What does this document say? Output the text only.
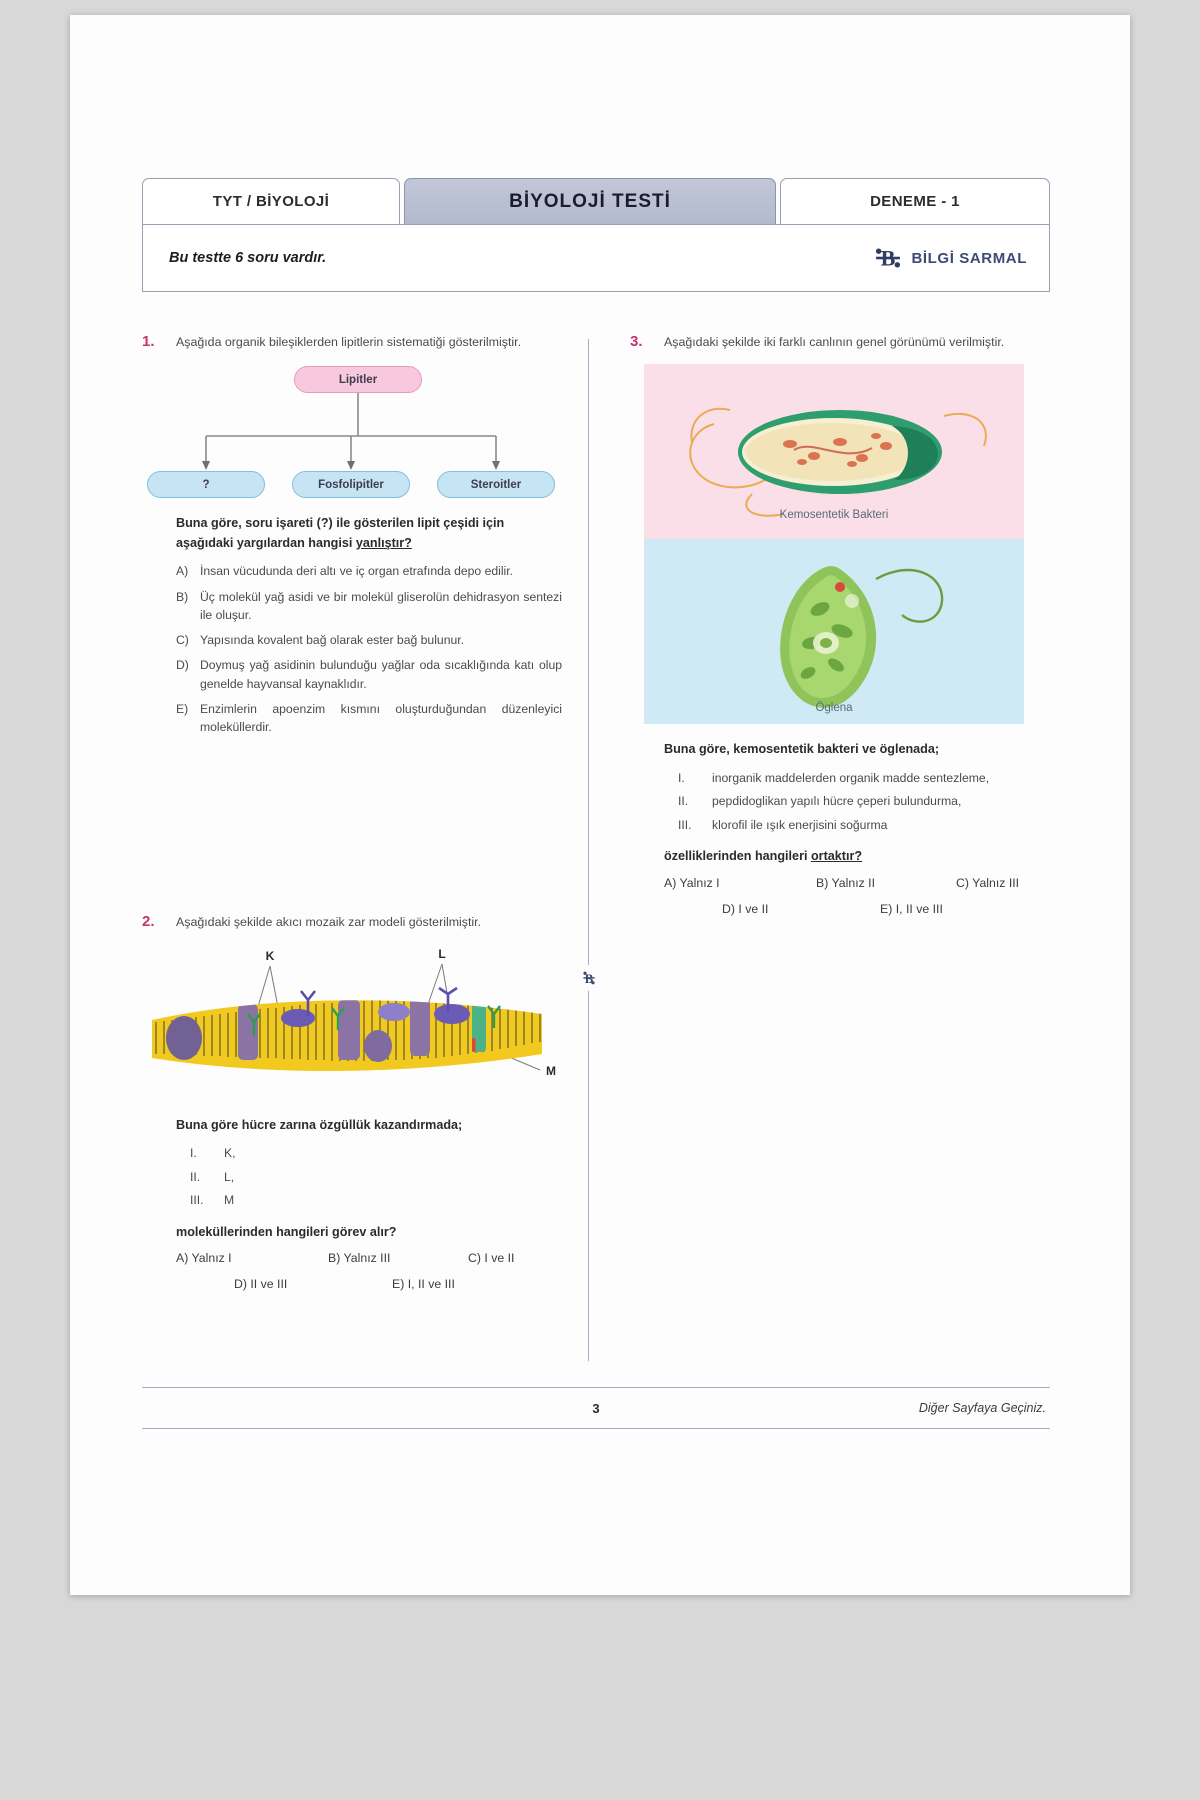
TYT / BİYOLOJİ	BİYOLOJİ TESTİ	DENEME - 1
Bu testte 6 soru vardır.	B BİLGİ SARMAL
B
1.	Aşağıda organik bileşiklerden lipitlerin sistematiği gösterilmiştir.
Lipitler
?	Fosfolipitler	Steroitler
Buna göre, soru işareti (?) ile gösterilen lipit çeşidi için aşağıdaki yargılardan hangisi yanlıştır?
A) İnsan vücudunda deri altı ve iç organ etrafında depo edilir.
B) Üç molekül yağ asidi ve bir molekül gliserolün dehidrasyon sentezi ile oluşur.
C) Yapısında kovalent bağ olarak ester bağ bulunur.
D) Doymuş yağ asidinin bulunduğu yağlar oda sıcaklığında katı olup genelde hayvansal kaynaklıdır.
E) Enzimlerin apoenzim kısmını oluşturduğundan düzenleyici moleküllerdir.
2.	Aşağıdaki şekilde akıcı mozaik zar modeli gösterilmiştir.
K	L
M
Buna göre hücre zarına özgüllük kazandırmada;
I.	K,
II.	L,
III.	M
moleküllerinden hangileri görev alır?
A) Yalnız I	B) Yalnız III	C) I ve II
D) II ve III	E) I, II ve III
3.	Aşağıdaki şekilde iki farklı canlının genel görünümü verilmiştir.
Kemosentetik Bakteri
Öglena
Buna göre, kemosentetik bakteri ve öglenada;
I.	inorganik maddelerden organik madde sentezleme,
II.	pepdidoglikan yapılı hücre çeperi bulundurma,
III.	klorofil ile ışık enerjisini soğurma
özelliklerinden hangileri ortaktır?
A) Yalnız I	B) Yalnız II	C) Yalnız III
D) I ve II	E) I, II ve III
3	Diğer Sayfaya Geçiniz.
